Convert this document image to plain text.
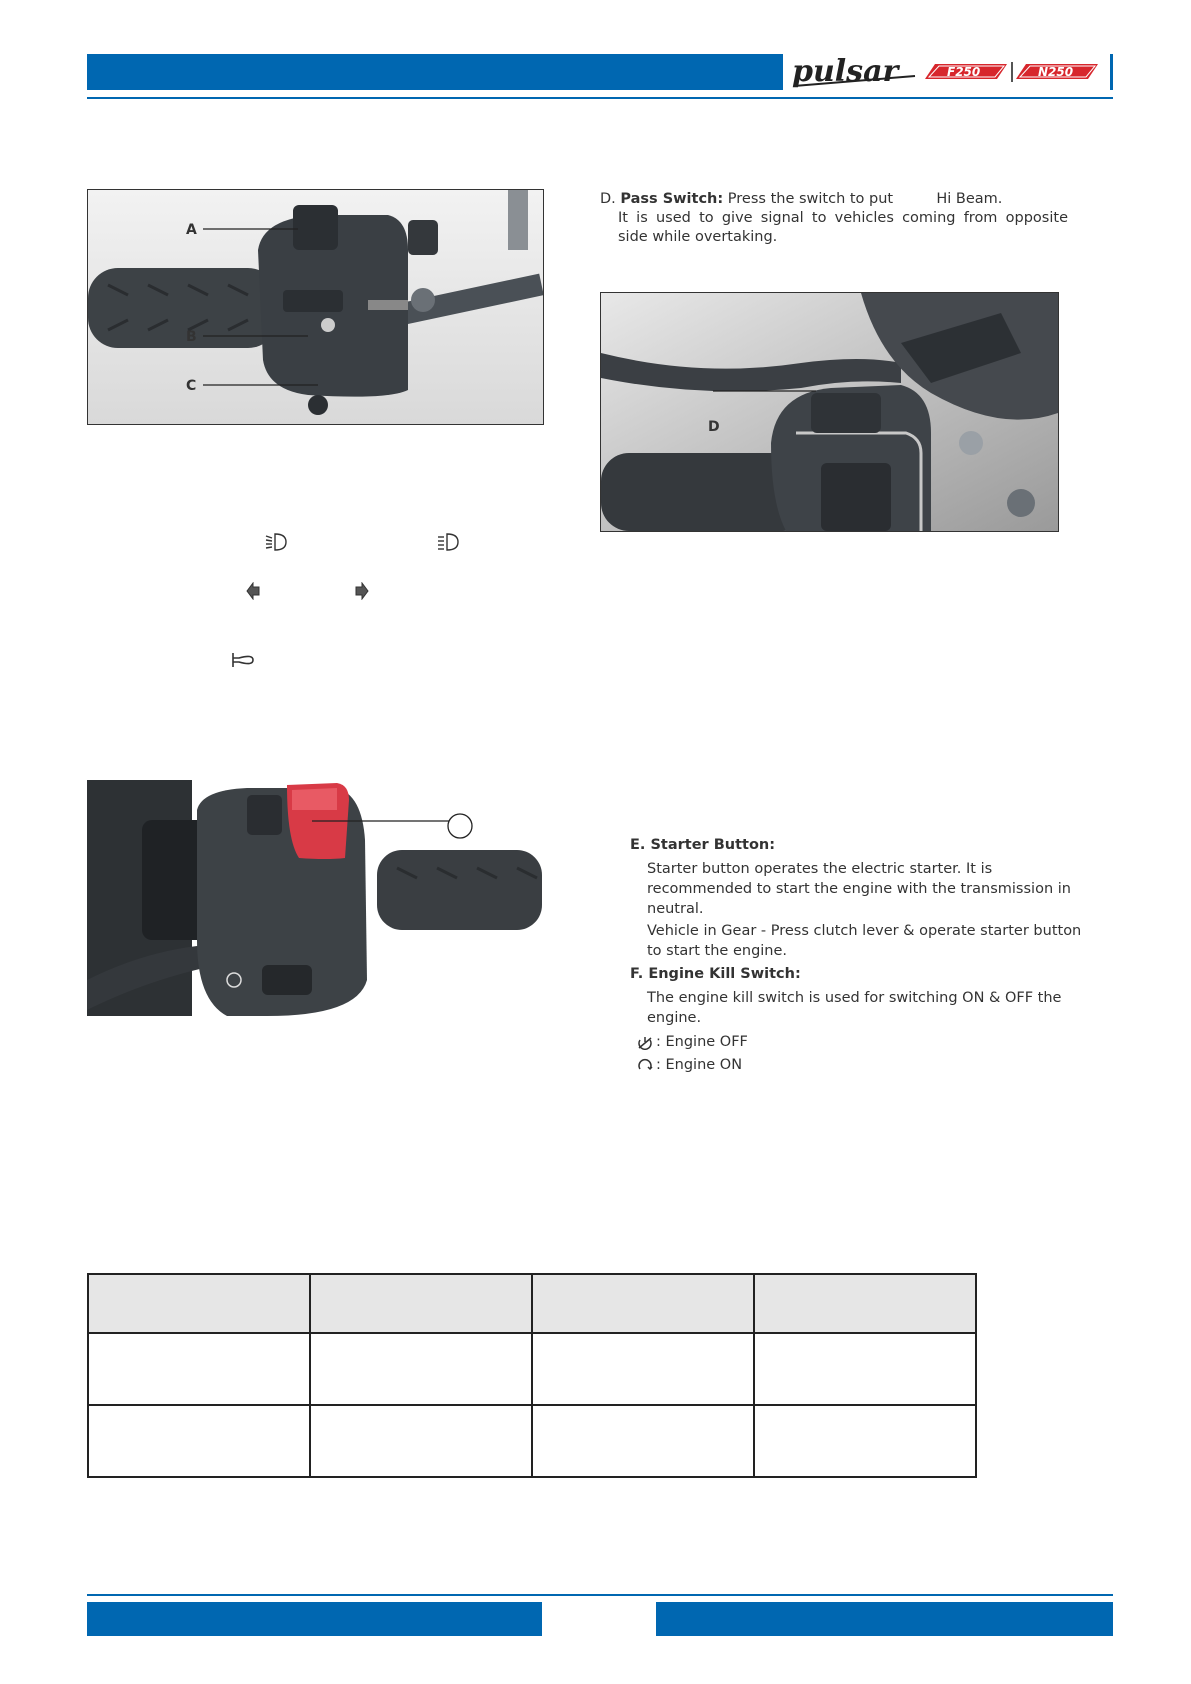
pulsar	F250	N250
A
B
C
D. Pass Switch: Press the switch to put	Hi Beam.
It is used to give signal to vehicles coming from opposite
side while overtaking.
D
E. Starter Button:
Starter button operates the electric starter. It is
recommended to start the engine with the transmission in
neutral.
Vehicle in Gear - Press clutch lever & operate starter button
to start the engine.
F. Engine Kill Switch:
The engine kill switch is used for switching ON & OFF the
engine.
: Engine OFF
: Engine ON
